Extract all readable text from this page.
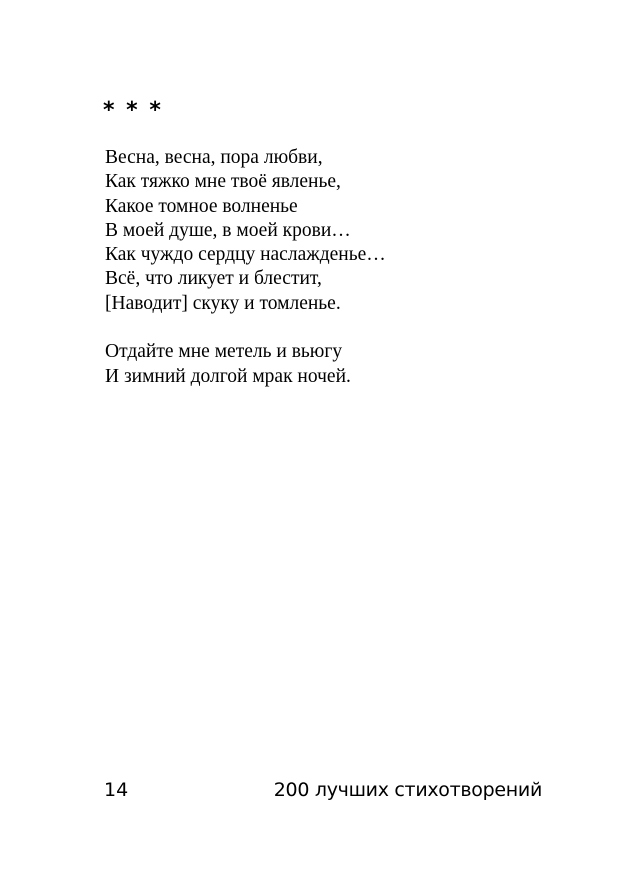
* * *

Весна, весна, пора любви,
Как тяжко мне твоё явленье,
Какое томное волненье
В моей душе, в моей крови…
Как чуждо сердцу наслажденье…
Всё, что ликует и блестит,
[Наводит] скуку и томленье.

Отдайте мне метель и вьюгу
И зимний долгой мрак ночей.

14	200 лучших стихотворений
